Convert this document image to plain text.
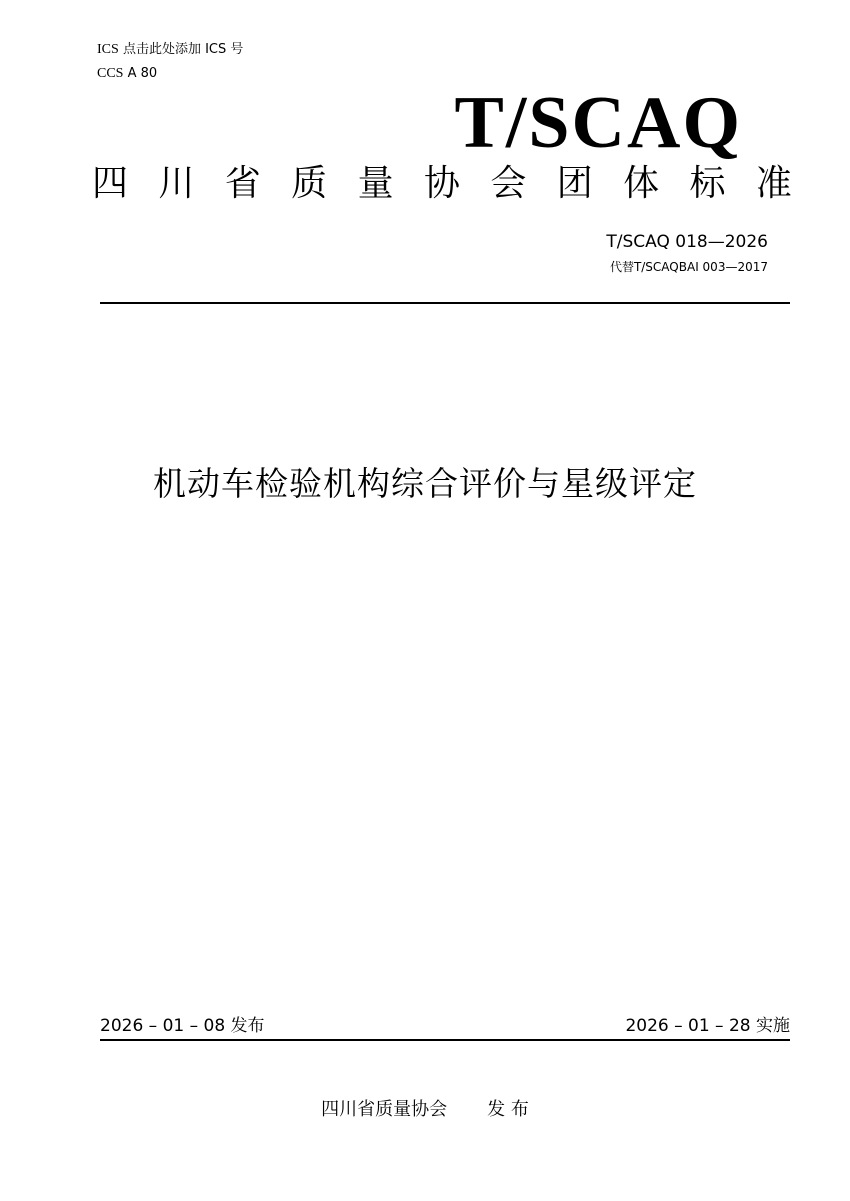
ICS 点击此处添加 ICS 号
CCS A 80
T/SCAQ
四 川 省 质 量 协 会 团 体 标 准
T/SCAQ 018—2026
代替T/SCAQBAI 003—2017
机动车检验机构综合评价与星级评定
2026 – 01 – 08 发布	2026 – 01 – 28 实施
四川省质量协会 发 布
